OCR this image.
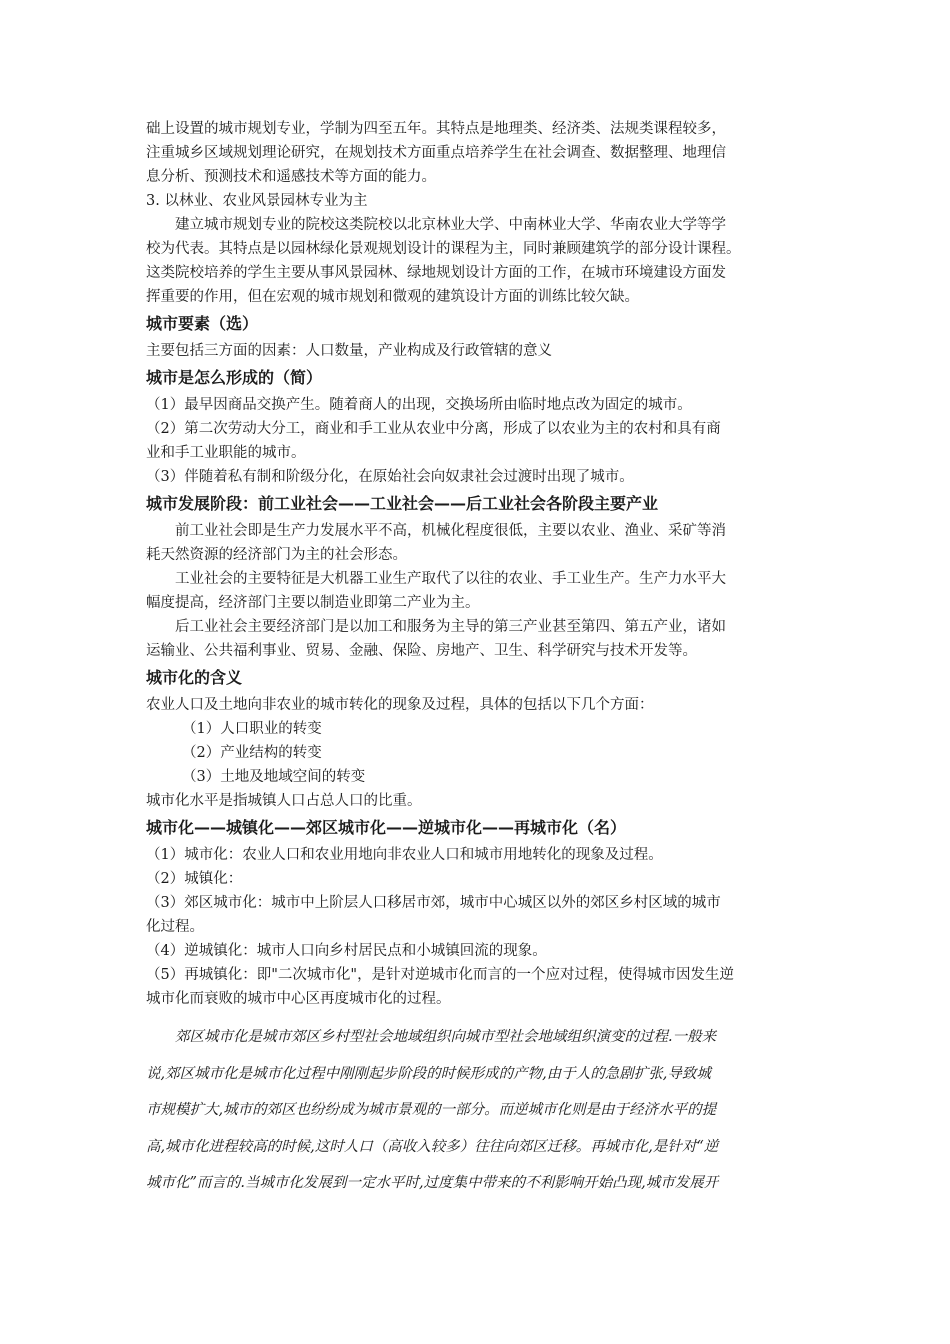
础上设置的城市规划专业，学制为四至五年。其特点是地理类、经济类、法规类课程较多，

注重城乡区域规划理论研究，在规划技术方面重点培养学生在社会调查、数据整理、地理信

息分析、预测技术和遥感技术等方面的能力。

3. 以林业、农业风景园林专业为主

建立城市规划专业的院校这类院校以北京林业大学、中南林业大学、华南农业大学等学

校为代表。其特点是以园林绿化景观规划设计的课程为主，同时兼顾建筑学的部分设计课程。

这类院校培养的学生主要从事风景园林、绿地规划设计方面的工作，在城市环境建设方面发

挥重要的作用，但在宏观的城市规划和微观的建筑设计方面的训练比较欠缺。

城市要素（选）

主要包括三方面的因素：人口数量，产业构成及行政管辖的意义

城市是怎么形成的（简）

（1）最早因商品交换产生。随着商人的出现，交换场所由临时地点改为固定的城市。

（2）第二次劳动大分工，商业和手工业从农业中分离，形成了以农业为主的农村和具有商

业和手工业职能的城市。

（3）伴随着私有制和阶级分化，在原始社会向奴隶社会过渡时出现了城市。

城市发展阶段：前工业社会——工业社会——后工业社会各阶段主要产业

前工业社会即是生产力发展水平不高，机械化程度很低，主要以农业、渔业、采矿等消

耗天然资源的经济部门为主的社会形态。

工业社会的主要特征是大机器工业生产取代了以往的农业、手工业生产。生产力水平大

幅度提高，经济部门主要以制造业即第二产业为主。

后工业社会主要经济部门是以加工和服务为主导的第三产业甚至第四、第五产业，诸如

运输业、公共福利事业、贸易、金融、保险、房地产、卫生、科学研究与技术开发等。

城市化的含义

农业人口及土地向非农业的城市转化的现象及过程，具体的包括以下几个方面：

（1）人口职业的转变

（2）产业结构的转变

（3）土地及地域空间的转变

城市化水平是指城镇人口占总人口的比重。

城市化——城镇化——郊区城市化——逆城市化——再城市化（名）

（1）城市化：农业人口和农业用地向非农业人口和城市用地转化的现象及过程。

（2）城镇化：

（3）郊区城市化：城市中上阶层人口移居市郊，城市中心城区以外的郊区乡村区域的城市

化过程。

（4）逆城镇化：城市人口向乡村居民点和小城镇回流的现象。

（5）再城镇化：即"二次城市化"，是针对逆城市化而言的一个应对过程，使得城市因发生逆

城市化而衰败的城市中心区再度城市化的过程。

郊区城市化是城市郊区乡村型社会地域组织向城市型社会地域组织演变的过程.一般来

说,郊区城市化是城市化过程中刚刚起步阶段的时候形成的产物,由于人的急剧扩张,导致城

市规模扩大,城市的郊区也纷纷成为城市景观的一部分。而逆城市化则是由于经济水平的提

高,城市化进程较高的时候,这时人口（高收入较多）往往向郊区迁移。再城市化,是针对“逆

城市化”而言的.当城市化发展到一定水平时,过度集中带来的不利影响开始凸现,城市发展开
